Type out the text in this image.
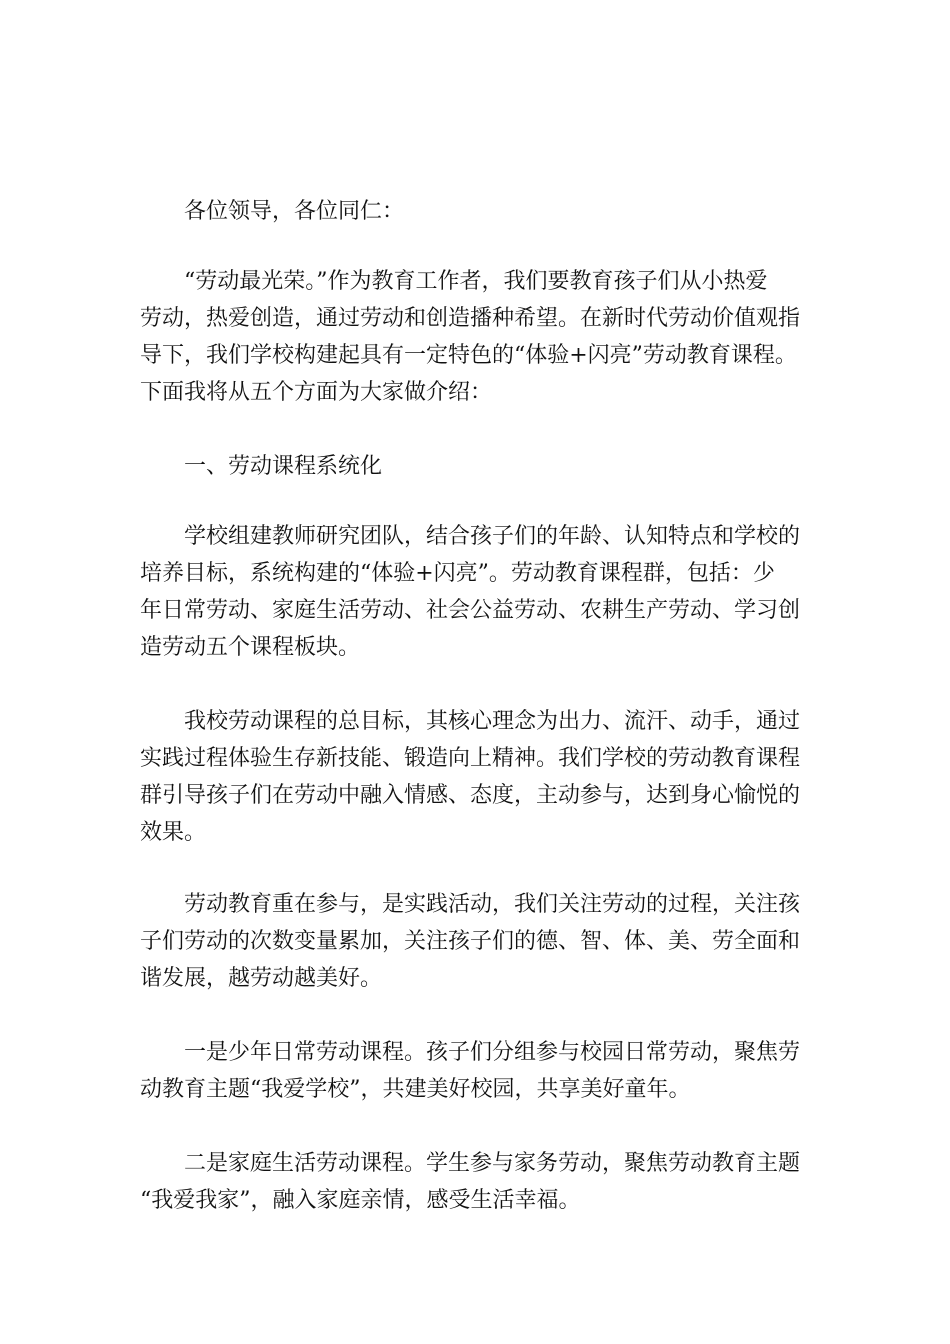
各位领导，各位同仁：
“劳动最光荣。”作为教育工作者，我们要教育孩子们从小热爱
劳动，热爱创造，通过劳动和创造播种希望。在新时代劳动价值观指
导下，我们学校构建起具有一定特色的“体验+闪亮”劳动教育课程。
下面我将从五个方面为大家做介绍：
一、劳动课程系统化
学校组建教师研究团队，结合孩子们的年龄、认知特点和学校的
培养目标，系统构建的“体验+闪亮”。劳动教育课程群，包括：少
年日常劳动、家庭生活劳动、社会公益劳动、农耕生产劳动、学习创
造劳动五个课程板块。
我校劳动课程的总目标，其核心理念为出力、流汗、动手，通过
实践过程体验生存新技能、锻造向上精神。我们学校的劳动教育课程
群引导孩子们在劳动中融入情感、态度，主动参与，达到身心愉悦的
效果。
劳动教育重在参与，是实践活动，我们关注劳动的过程，关注孩
子们劳动的次数变量累加，关注孩子们的德、智、体、美、劳全面和
谐发展，越劳动越美好。
一是少年日常劳动课程。孩子们分组参与校园日常劳动，聚焦劳
动教育主题“我爱学校”，共建美好校园，共享美好童年。
二是家庭生活劳动课程。学生参与家务劳动，聚焦劳动教育主题
“我爱我家”，融入家庭亲情，感受生活幸福。
